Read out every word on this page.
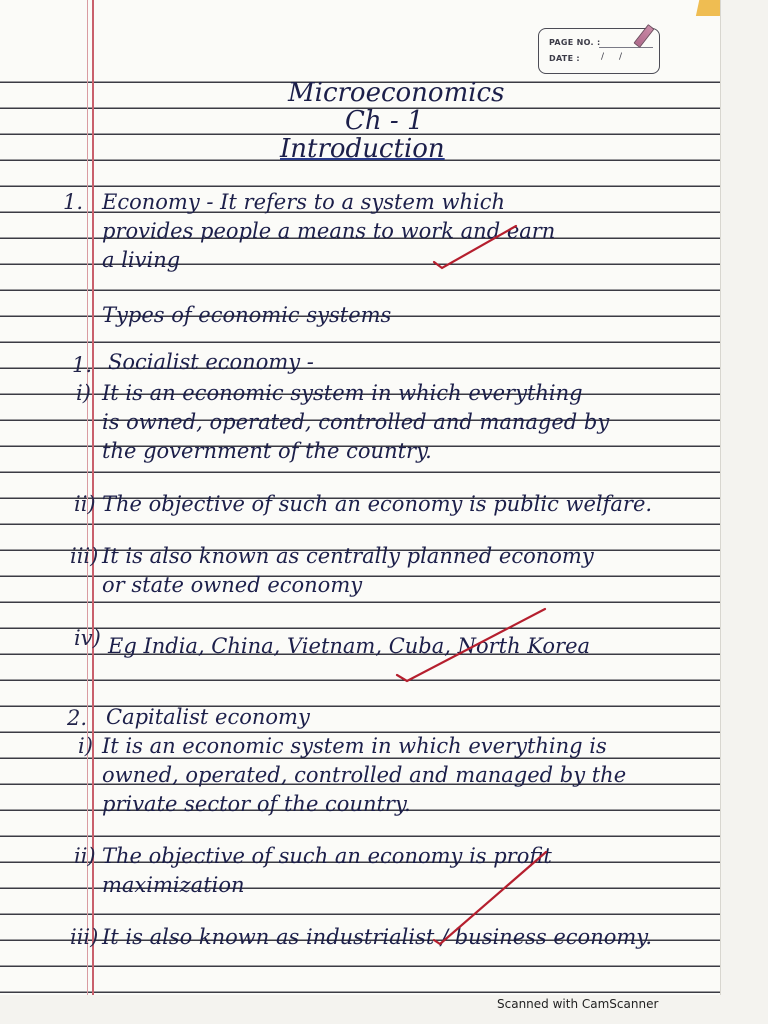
PAGE NO. :
DATE : / /

Microeconomics

Ch - 1

Introduction

1. Economy - It refers to a system which

provides people a means to work and earn

a living

Types of economic systems

1. Socialist economy -

i) It is an economic system in which everything

is owned, operated, controlled and managed by

the government of the country.

ii) The objective of such an economy is public welfare.

iii) It is also known as centrally planned economy

or state owned economy

iv) Eg India, China, Vietnam, Cuba, North Korea

2. Capitalist economy

i) It is an economic system in which everything is

owned, operated, controlled and managed by the

private sector of the country.

ii) The objective of such an economy is profit

maximization

iii) It is also known as industrialist / business economy.

Scanned with CamScanner
